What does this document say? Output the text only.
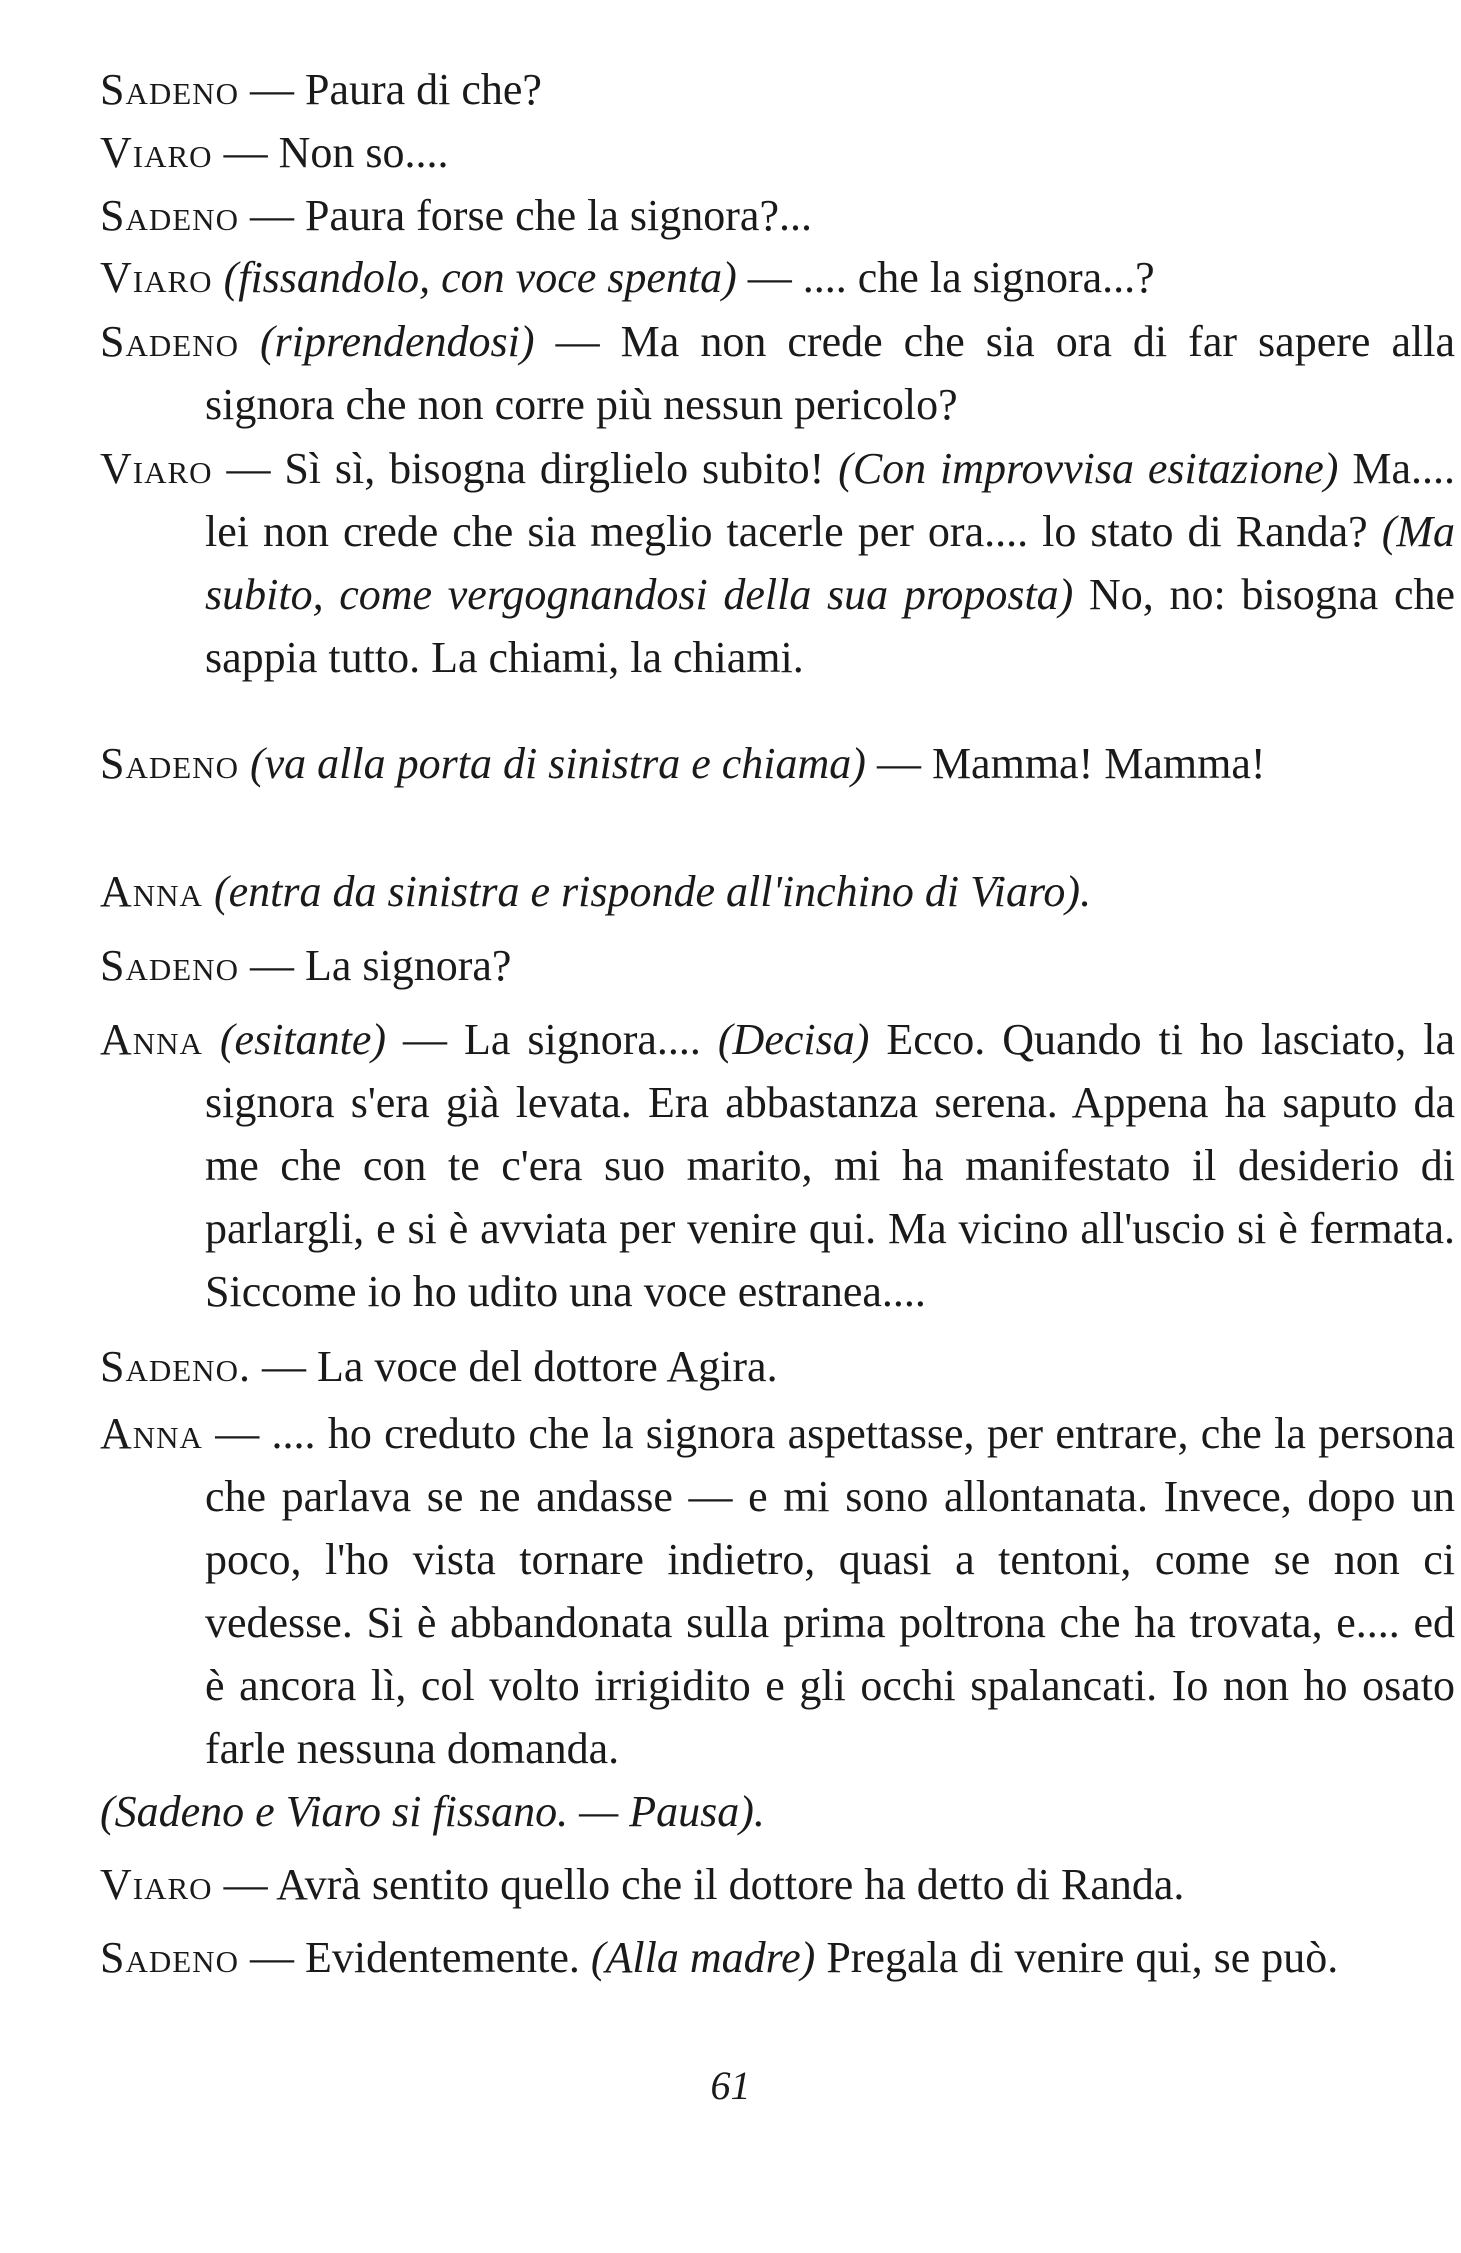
Sadeno — Paura di che?
Viaro — Non so....
Sadeno — Paura forse che la signora?...
Viaro (fissandolo, con voce spenta) — .... che la signora...?
Sadeno (riprendendosi) — Ma non crede che sia ora di far sapere alla signora che non corre più nessun pericolo?
Viaro — Sì sì, bisogna dirglielo subito! (Con improvvisa esitazione) Ma.... lei non crede che sia meglio tacerle per ora.... lo stato di Randa? (Ma subito, come vergognandosi della sua proposta) No, no: bisogna che sappia tutto. La chiami, la chiami.
Sadeno (va alla porta di sinistra e chiama) — Mamma! Mamma!
Anna (entra da sinistra e risponde all'inchino di Viaro).
Sadeno — La signora?
Anna (esitante) — La signora.... (Decisa) Ecco. Quando ti ho lasciato, la signora s'era già levata. Era abbastanza serena. Appena ha saputo da me che con te c'era suo marito, mi ha manifestato il desiderio di parlargli, e si è avviata per venire qui. Ma vicino all'uscio si è fermata. Siccome io ho udito una voce estranea....
Sadeno. — La voce del dottore Agira.
Anna — .... ho creduto che la signora aspettasse, per entrare, che la persona che parlava se ne andasse — e mi sono allontanata. Invece, dopo un poco, l'ho vista tornare indietro, quasi a tentoni, come se non ci vedesse. Si è abbandonata sulla prima poltrona che ha trovata, e.... ed è ancora lì, col volto irrigidito e gli occhi spalancati. Io non ho osato farle nessuna domanda.
(Sadeno e Viaro si fissano. — Pausa).
Viaro — Avrà sentito quello che il dottore ha detto di Randa.
Sadeno — Evidentemente. (Alla madre) Pregala di venire qui, se può.
61
